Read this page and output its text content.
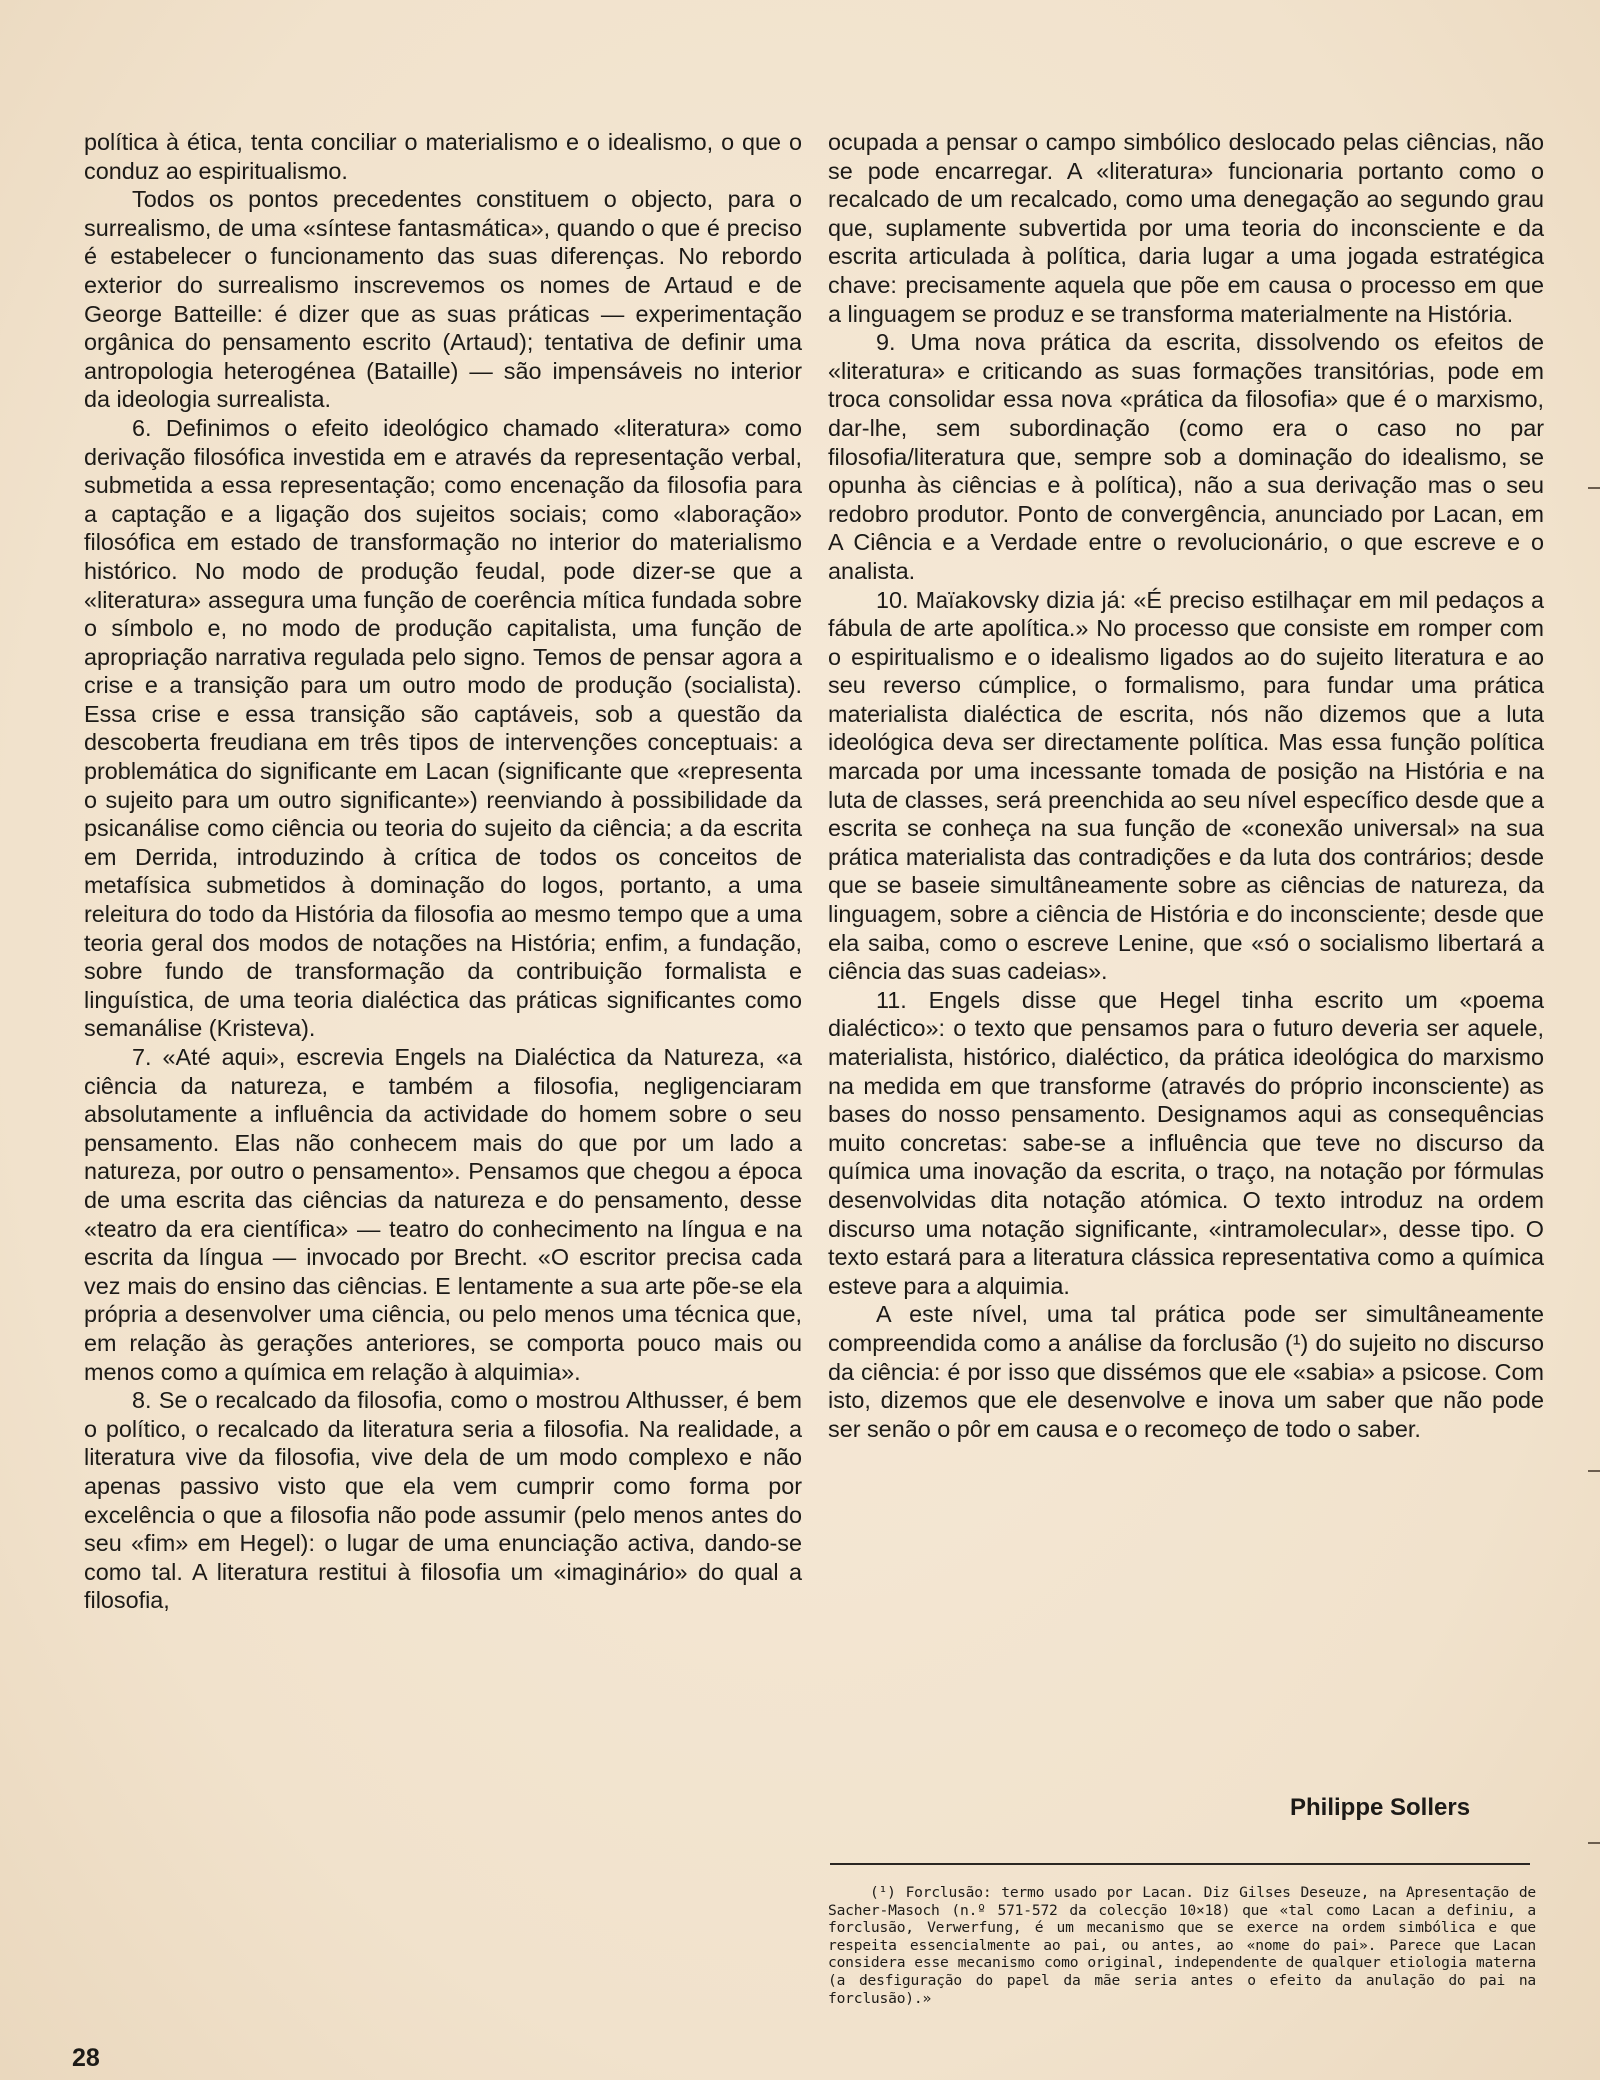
política à ética, tenta conciliar o materialismo e o idealismo, o que o conduz ao espiritualismo.

Todos os pontos precedentes constituem o objecto, para o surrealismo, de uma «síntese fantasmática», quando o que é preciso é estabelecer o funcionamento das suas diferenças. No rebordo exterior do surrealismo inscrevemos os nomes de Artaud e de George Batteille: é dizer que as suas práticas — experimentação orgânica do pensamento escrito (Artaud); tentativa de definir uma antropologia heterogénea (Bataille) — são impensáveis no interior da ideologia surrealista.

6. Definimos o efeito ideológico chamado «literatura» como derivação filosófica investida em e através da representação verbal, submetida a essa representação; como encenação da filosofia para a captação e a ligação dos sujeitos sociais; como «laboração» filosófica em estado de transformação no interior do materialismo histórico. No modo de produção feudal, pode dizer-se que a «literatura» assegura uma função de coerência mítica fundada sobre o símbolo e, no modo de produção capitalista, uma função de apropriação narrativa regulada pelo signo. Temos de pensar agora a crise e a transição para um outro modo de produção (socialista). Essa crise e essa transição são captáveis, sob a questão da descoberta freudiana em três tipos de intervenções conceptuais: a problemática do significante em Lacan (significante que «representa o sujeito para um outro significante») reenviando à possibilidade da psicanálise como ciência ou teoria do sujeito da ciência; a da escrita em Derrida, introduzindo à crítica de todos os conceitos de metafísica submetidos à dominação do logos, portanto, a uma releitura do todo da História da filosofia ao mesmo tempo que a uma teoria geral dos modos de notações na História; enfim, a fundação, sobre fundo de transformação da contribuição formalista e linguística, de uma teoria dialéctica das práticas significantes como semanálise (Kristeva).

7. «Até aqui», escrevia Engels na Dialéctica da Natureza, «a ciência da natureza, e também a filosofia, negligenciaram absolutamente a influência da actividade do homem sobre o seu pensamento. Elas não conhecem mais do que por um lado a natureza, por outro o pensamento». Pensamos que chegou a época de uma escrita das ciências da natureza e do pensamento, desse «teatro da era científica» — teatro do conhecimento na língua e na escrita da língua — invocado por Brecht. «O escritor precisa cada vez mais do ensino das ciências. E lentamente a sua arte põe-se ela própria a desenvolver uma ciência, ou pelo menos uma técnica que, em relação às gerações anteriores, se comporta pouco mais ou menos como a química em relação à alquimia».

8. Se o recalcado da filosofia, como o mostrou Althusser, é bem o político, o recalcado da literatura seria a filosofia. Na realidade, a literatura vive da filosofia, vive dela de um modo complexo e não apenas passivo visto que ela vem cumprir como forma por excelência o que a filosofia não pode assumir (pelo menos antes do seu «fim» em Hegel): o lugar de uma enunciação activa, dando-se como tal. A literatura restitui à filosofia um «imaginário» do qual a filosofia,

ocupada a pensar o campo simbólico deslocado pelas ciências, não se pode encarregar. A «literatura» funcionaria portanto como o recalcado de um recalcado, como uma denegação ao segundo grau que, suplamente subvertida por uma teoria do inconsciente e da escrita articulada à política, daria lugar a uma jogada estratégica chave: precisamente aquela que põe em causa o processo em que a linguagem se produz e se transforma materialmente na História.

9. Uma nova prática da escrita, dissolvendo os efeitos de «literatura» e criticando as suas formações transitórias, pode em troca consolidar essa nova «prática da filosofia» que é o marxismo, dar-lhe, sem subordinação (como era o caso no par filosofia/literatura que, sempre sob a dominação do idealismo, se opunha às ciências e à política), não a sua derivação mas o seu redobro produtor. Ponto de convergência, anunciado por Lacan, em A Ciência e a Verdade entre o revolucionário, o que escreve e o analista.

10. Maïakovsky dizia já: «É preciso estilhaçar em mil pedaços a fábula de arte apolítica.» No processo que consiste em romper com o espiritualismo e o idealismo ligados ao do sujeito literatura e ao seu reverso cúmplice, o formalismo, para fundar uma prática materialista dialéctica de escrita, nós não dizemos que a luta ideológica deva ser directamente política. Mas essa função política marcada por uma incessante tomada de posição na História e na luta de classes, será preenchida ao seu nível específico desde que a escrita se conheça na sua função de «conexão universal» na sua prática materialista das contradições e da luta dos contrários; desde que se baseie simultâneamente sobre as ciências de natureza, da linguagem, sobre a ciência de História e do inconsciente; desde que ela saiba, como o escreve Lenine, que «só o socialismo libertará a ciência das suas cadeias».

11. Engels disse que Hegel tinha escrito um «poema dialéctico»: o texto que pensamos para o futuro deveria ser aquele, materialista, histórico, dialéctico, da prática ideológica do marxismo na medida em que transforme (através do próprio inconsciente) as bases do nosso pensamento. Designamos aqui as consequências muito concretas: sabe-se a influência que teve no discurso da química uma inovação da escrita, o traço, na notação por fórmulas desenvolvidas dita notação atómica. O texto introduz na ordem discurso uma notação significante, «intramolecular», desse tipo. O texto estará para a literatura clássica representativa como a química esteve para a alquimia.

A este nível, uma tal prática pode ser simultâneamente compreendida como a análise da forclusão (¹) do sujeito no discurso da ciência: é por isso que dissémos que ele «sabia» a psicose. Com isto, dizemos que ele desenvolve e inova um saber que não pode ser senão o pôr em causa e o recomeço de todo o saber.

Philippe Sollers

(¹) Forclusão: termo usado por Lacan. Diz Gilses Deseuze, na Apresentação de Sacher-Masoch (n.º 571-572 da colecção 10×18) que «tal como Lacan a definiu, a forclusão, Verwerfung, é um mecanismo que se exerce na ordem simbólica e que respeita essencialmente ao pai, ou antes, ao «nome do pai». Parece que Lacan considera esse mecanismo como original, independente de qualquer etiologia materna (a desfiguração do papel da mãe seria antes o efeito da anulação do pai na forclusão).»

28
